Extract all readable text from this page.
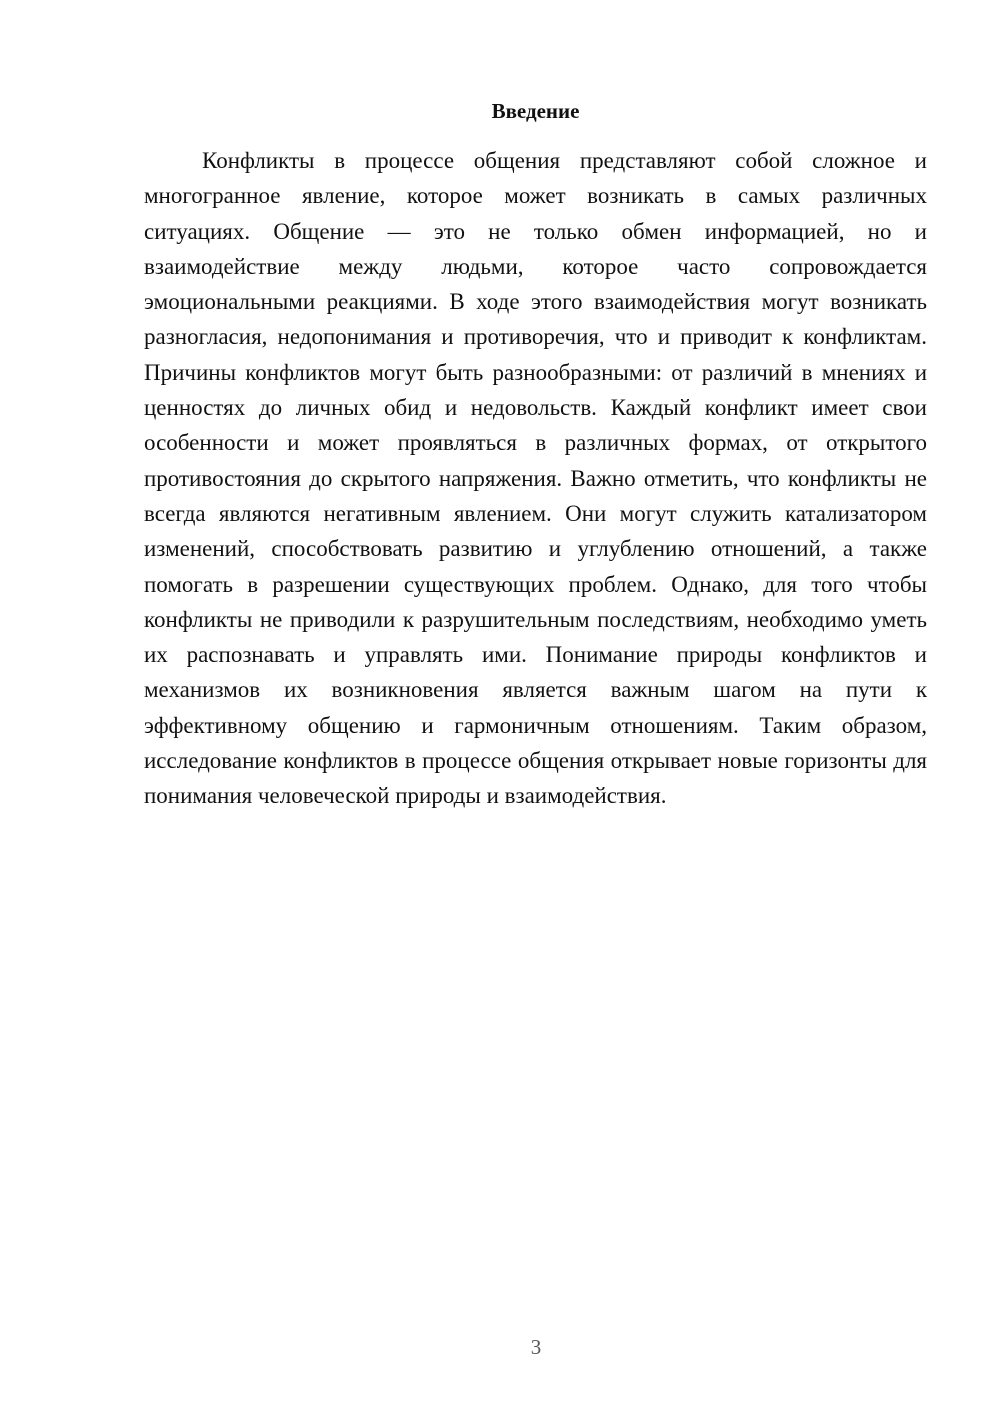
Введение

Конфликты в процессе общения представляют собой сложное и многогранное явление, которое может возникать в самых различных ситуациях. Общение — это не только обмен информацией, но и взаимодействие между людьми, которое часто сопровождается эмоциональными реакциями. В ходе этого взаимодействия могут возникать разногласия, недопонимания и противоречия, что и приводит к конфликтам. Причины конфликтов могут быть разнообразными: от различий в мнениях и ценностях до личных обид и недовольств. Каждый конфликт имеет свои особенности и может проявляться в различных формах, от открытого противостояния до скрытого напряжения. Важно отметить, что конфликты не всегда являются негативным явлением. Они могут служить катализатором изменений, способствовать развитию и углублению отношений, а также помогать в разрешении существующих проблем. Однако, для того чтобы конфликты не приводили к разрушительным последствиям, необходимо уметь их распознавать и управлять ими. Понимание природы конфликтов и механизмов их возникновения является важным шагом на пути к эффективному общению и гармоничным отношениям. Таким образом, исследование конфликтов в процессе общения открывает новые горизонты для понимания человеческой природы и взаимодействия.

3
